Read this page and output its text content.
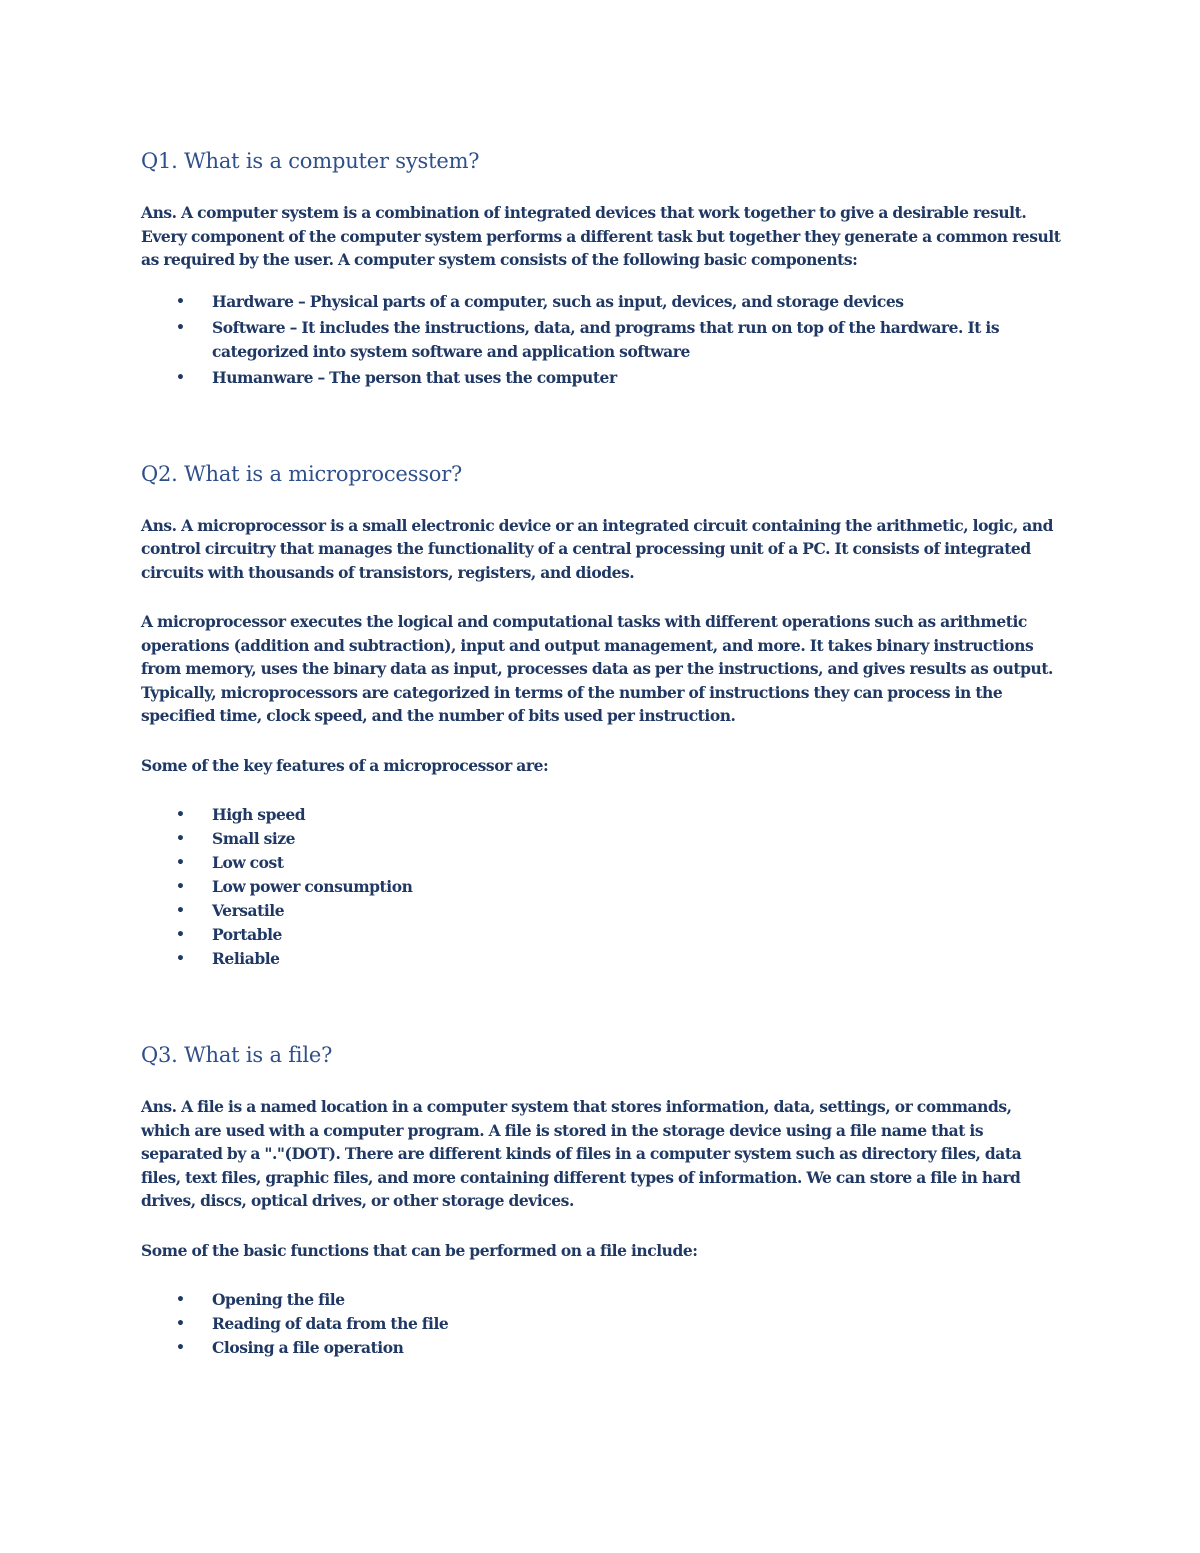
Q1. What is a computer system?

Ans. A computer system is a combination of integrated devices that work together to give a desirable result. Every component of the computer system performs a different task but together they generate a common result as required by the user. A computer system consists of the following basic components:

• Hardware – Physical parts of a computer, such as input, devices, and storage devices
• Software – It includes the instructions, data, and programs that run on top of the hardware. It is categorized into system software and application software
• Humanware – The person that uses the computer
Q2. What is a microprocessor?

Ans. A microprocessor is a small electronic device or an integrated circuit containing the arithmetic, logic, and control circuitry that manages the functionality of a central processing unit of a PC. It consists of integrated circuits with thousands of transistors, registers, and diodes.

A microprocessor executes the logical and computational tasks with different operations such as arithmetic operations (addition and subtraction), input and output management, and more. It takes binary instructions from memory, uses the binary data as input, processes data as per the instructions, and gives results as output. Typically, microprocessors are categorized in terms of the number of instructions they can process in the specified time, clock speed, and the number of bits used per instruction.

Some of the key features of a microprocessor are:

• High speed
• Small size
• Low cost
• Low power consumption
• Versatile
• Portable
• Reliable
Q3. What is a file?

Ans. A file is a named location in a computer system that stores information, data, settings, or commands, which are used with a computer program. A file is stored in the storage device using a file name that is separated by a "."(DOT). There are different kinds of files in a computer system such as directory files, data files, text files, graphic files, and more containing different types of information. We can store a file in hard drives, discs, optical drives, or other storage devices.

Some of the basic functions that can be performed on a file include:

• Opening the file
• Reading of data from the file
• Closing a file operation
